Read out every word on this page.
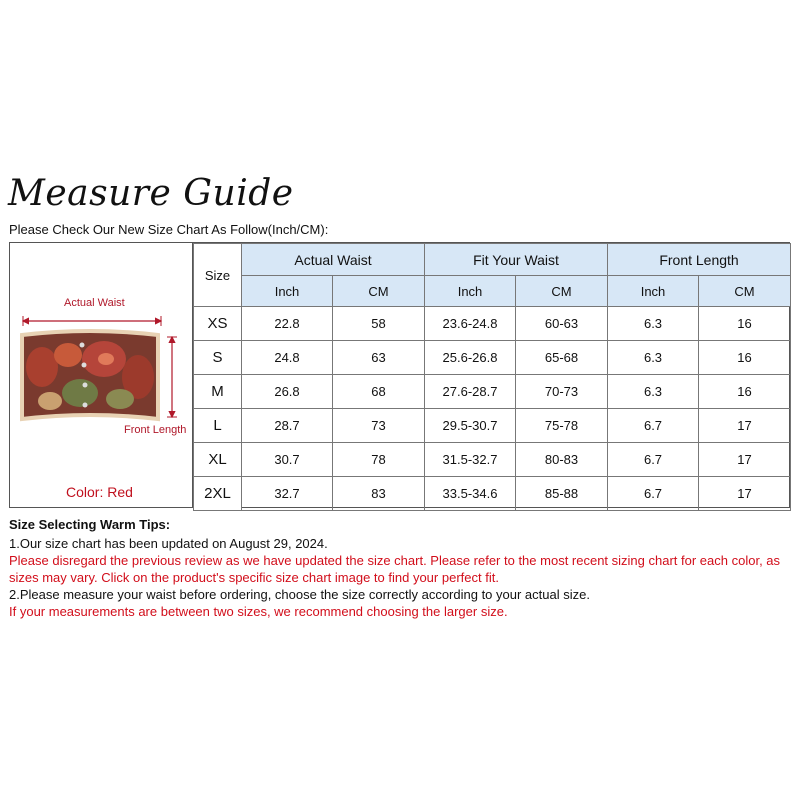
Measure Guide
Please Check Our New Size Chart As Follow(Inch/CM):
Actual Waist
Front Length
Color: Red
Size	Actual Waist		Fit Your Waist		Front Length	
	Inch	CM	Inch	CM	Inch	CM
XS	22.8	58	23.6-24.8	60-63	6.3	16
S	24.8	63	25.6-26.8	65-68	6.3	16
M	26.8	68	27.6-28.7	70-73	6.3	16
L	28.7	73	29.5-30.7	75-78	6.7	17
XL	30.7	78	31.5-32.7	80-83	6.7	17
2XL	32.7	83	33.5-34.6	85-88	6.7	17
Size Selecting Warm Tips:
1.Our size chart has been updated on August 29, 2024.
Please disregard the previous review as we have updated the size chart. Please refer to the most recent sizing chart for each color, as sizes may vary. Click on the product's specific size chart image to find your perfect fit.
2.Please measure your waist before ordering, choose the size correctly according to your actual size.
If your measurements are between two sizes, we recommend choosing the larger size.
